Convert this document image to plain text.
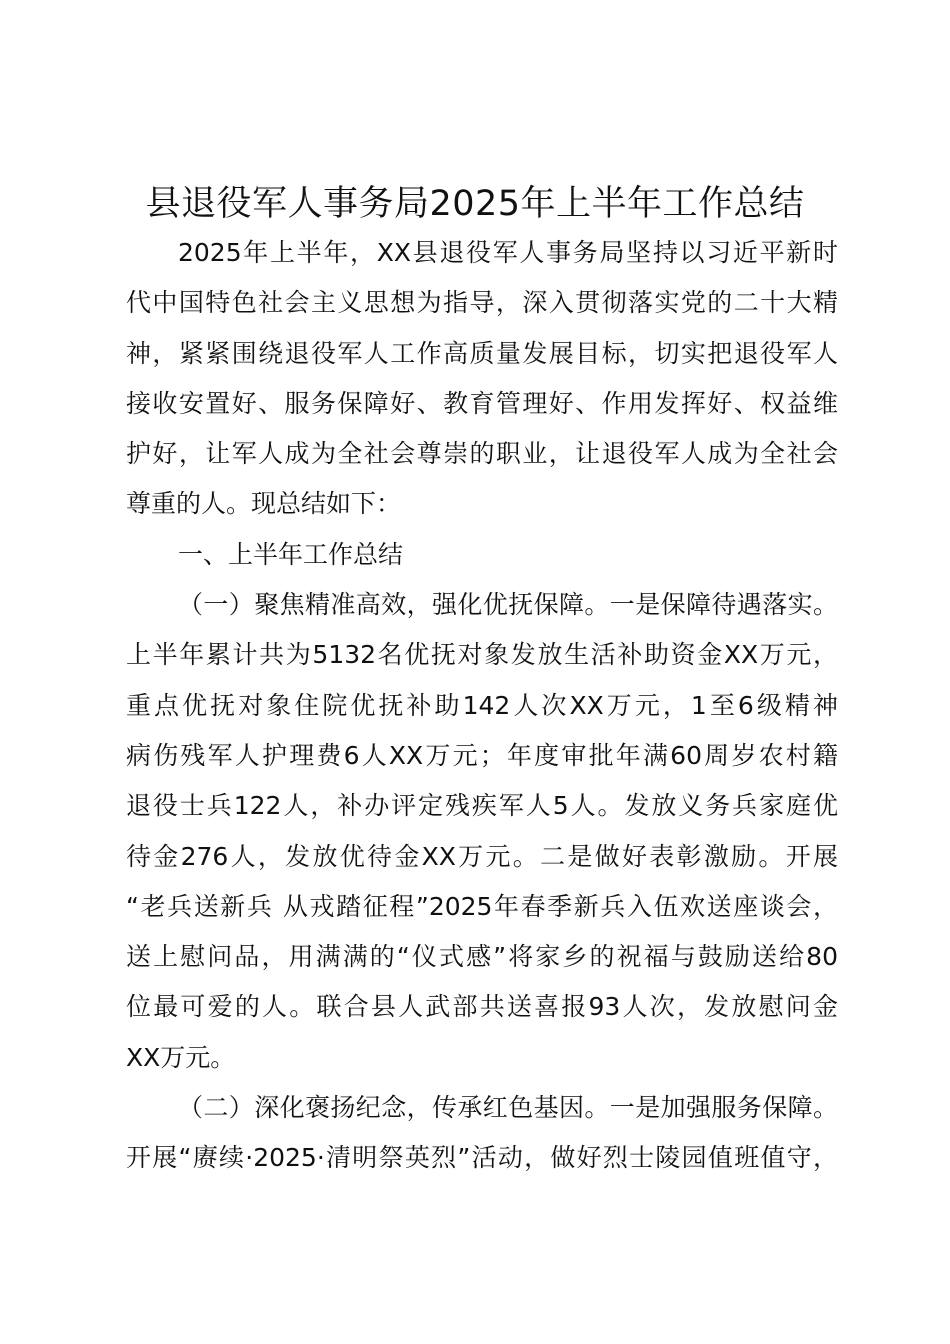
县退役军人事务局2025年上半年工作总结
2025年上半年，XX县退役军人事务局坚持以习近平新时
代中国特色社会主义思想为指导，深入贯彻落实党的二十大精
神，紧紧围绕退役军人工作高质量发展目标，切实把退役军人
接收安置好、服务保障好、教育管理好、作用发挥好、权益维
护好，让军人成为全社会尊崇的职业，让退役军人成为全社会
尊重的人。现总结如下：
一、上半年工作总结
（一）聚焦精准高效，强化优抚保障。一是保障待遇落实。
上半年累计共为5132名优抚对象发放生活补助资金XX万元，
重点优抚对象住院优抚补助142人次XX万元，1至6级精神
病伤残军人护理费6人XX万元；年度审批年满60周岁农村籍
退役士兵122人，补办评定残疾军人5人。发放义务兵家庭优
待金276人，发放优待金XX万元。二是做好表彰激励。开展
“老兵送新兵 从戎踏征程”2025年春季新兵入伍欢送座谈会，
送上慰问品，用满满的“仪式感”将家乡的祝福与鼓励送给80
位最可爱的人。联合县人武部共送喜报93人次，发放慰问金
XX万元。
（二）深化褒扬纪念，传承红色基因。一是加强服务保障。
开展“赓续·2025·清明祭英烈”活动，做好烈士陵园值班值守，
